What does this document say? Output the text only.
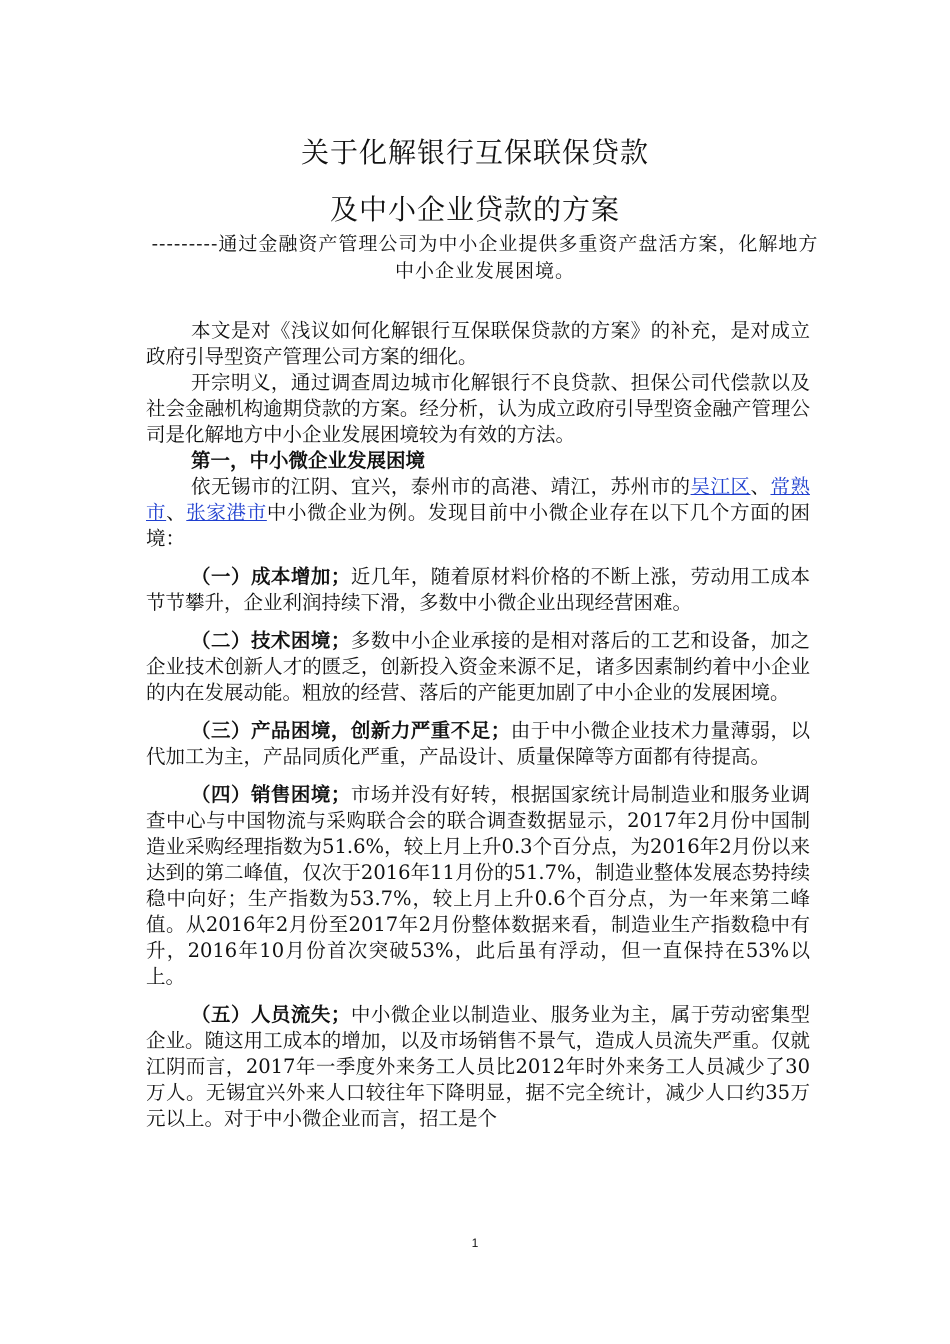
关于化解银行互保联保贷款
及中小企业贷款的方案
---------通过金融资产管理公司为中小企业提供多重资产盘活方案，化解地方中小企业发展困境。

本文是对《浅议如何化解银行互保联保贷款的方案》的补充，是对成立政府引导型资产管理公司方案的细化。

开宗明义，通过调查周边城市化解银行不良贷款、担保公司代偿款以及社会金融机构逾期贷款的方案。经分析，认为成立政府引导型资金融产管理公司是化解地方中小企业发展困境较为有效的方法。

第一，中小微企业发展困境

依无锡市的江阴、宜兴，泰州市的高港、靖江，苏州市的吴江区、常熟市、张家港市中小微企业为例。发现目前中小微企业存在以下几个方面的困境：

（一）成本增加；近几年，随着原材料价格的不断上涨，劳动用工成本节节攀升，企业利润持续下滑，多数中小微企业出现经营困难。

（二）技术困境；多数中小企业承接的是相对落后的工艺和设备，加之企业技术创新人才的匮乏，创新投入资金来源不足，诸多因素制约着中小企业的内在发展动能。粗放的经营、落后的产能更加剧了中小企业的发展困境。

（三）产品困境，创新力严重不足；由于中小微企业技术力量薄弱，以代加工为主，产品同质化严重，产品设计、质量保障等方面都有待提高。

（四）销售困境；市场并没有好转，根据国家统计局制造业和服务业调查中心与中国物流与采购联合会的联合调查数据显示，2017年2月份中国制造业采购经理指数为51.6%，较上月上升0.3个百分点，为2016年2月份以来达到的第二峰值，仅次于2016年11月份的51.7%，制造业整体发展态势持续稳中向好；生产指数为53.7%，较上月上升0.6个百分点，为一年来第二峰值。从2016年2月份至2017年2月份整体数据来看，制造业生产指数稳中有升，2016年10月份首次突破53%，此后虽有浮动，但一直保持在53%以上。

（五）人员流失；中小微企业以制造业、服务业为主，属于劳动密集型企业。随这用工成本的增加，以及市场销售不景气，造成人员流失严重。仅就江阴而言，2017年一季度外来务工人员比2012年时外来务工人员减少了30万人。无锡宜兴外来人口较往年下降明显，据不完全统计，减少人口约35万元以上。对于中小微企业而言，招工是个

1
